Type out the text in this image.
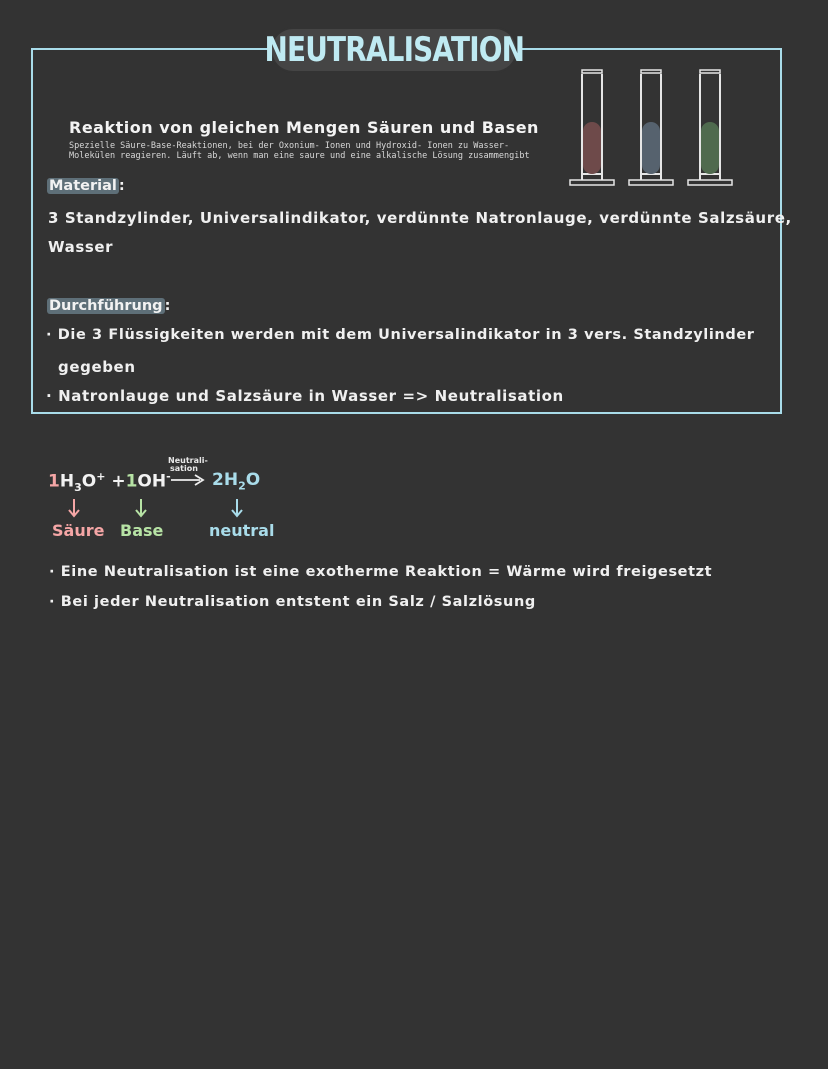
NEUTRALISATION
Reaktion von gleichen Mengen Säuren und Basen
Spezielle Säure-Base-Reaktionen, bei der Oxonium- Ionen und Hydroxid- Ionen zu Wasser-Molekülen reagieren. Läuft ab, wenn man eine saure und eine alkalische Lösung zusammengibt
Material :
3 Standzylinder, Universalindikator, verdünnte Natronlauge, verdünnte Salzsäure,
Wasser
Durchführung :
· Die 3 Flüssigkeiten werden mit dem Universalindikator in 3 vers. Standzylinder
gegeben
· Natronlauge und Salzsäure in Wasser => Neutralisation
$1H_3O^+ +1OH^-$
Neutrali-
sation
→ $2H_2O$
Säure Base	neutral
· Eine Neutralisation ist eine exotherme Reaktion = Wärme wird freigesetzt
· Bei jeder Neutralisation entstent ein Salz / Salzlösung
